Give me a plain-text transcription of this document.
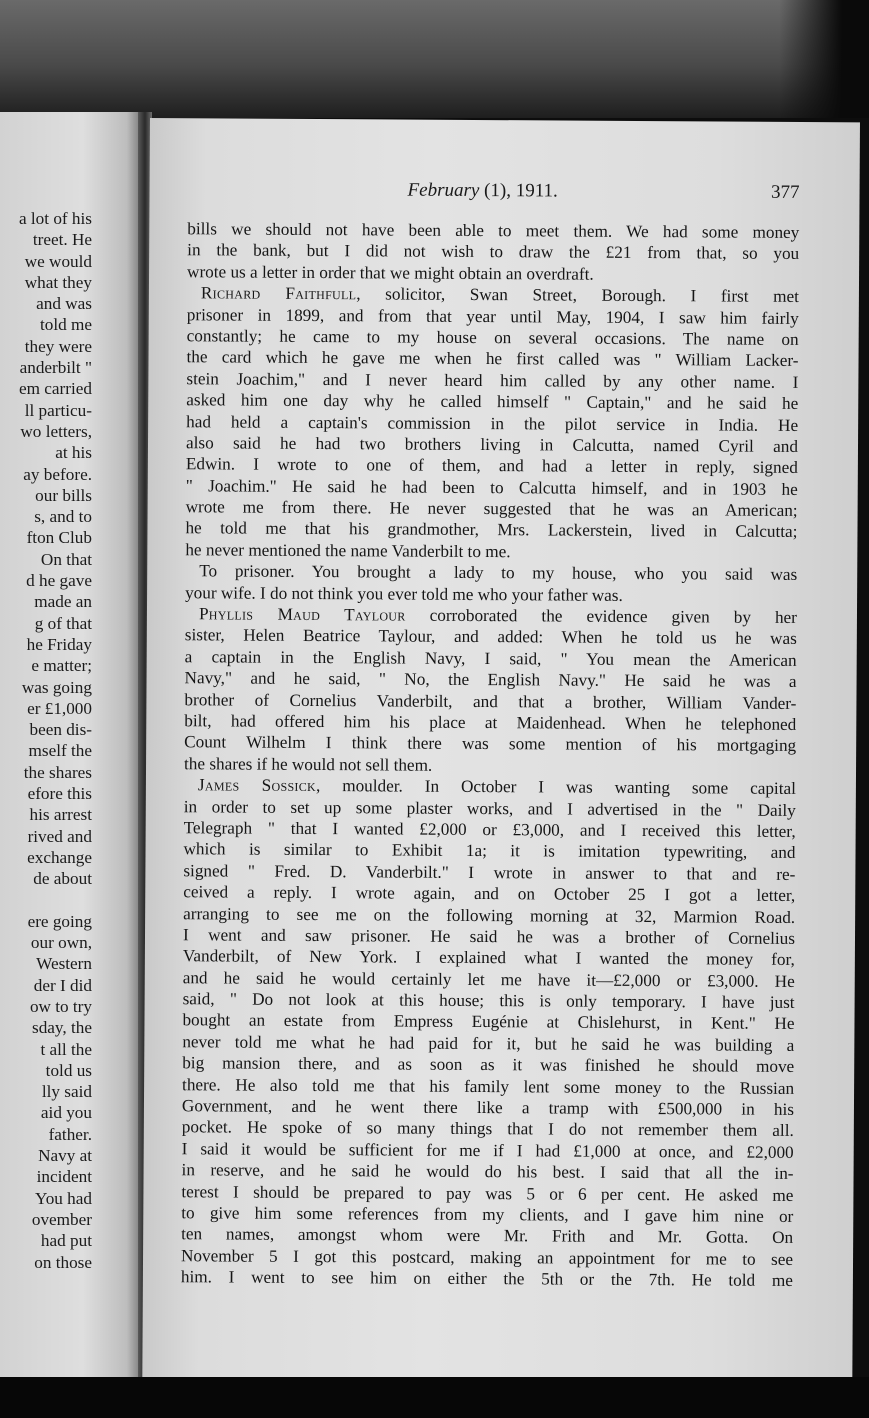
a lot of his
treet. He
we would
what they
and was
told me
they were
anderbilt "
em carried
ll particu-
wo letters,
at his
ay before.
our bills
s, and to
fton Club
On that
d he gave
made an
g of that
he Friday
e matter;
was going
er £1,000
been dis-
mself the
the shares
efore this
his arrest
rived and
exchange
de about
ere going
our own,
Western
der I did
ow to try
sday, the
t all the
told us
lly said
aid you
father.
Navy at
incident
You had
ovember
had put
on those
February (1), 1911.	377
bills we should not have been able to meet them. We had some money
in the bank, but I did not wish to draw the £21 from that, so you
wrote us a letter in order that we might obtain an overdraft.
Richard Faithfull, solicitor, Swan Street, Borough. I first met
prisoner in 1899, and from that year until May, 1904, I saw him fairly
constantly; he came to my house on several occasions. The name on
the card which he gave me when he first called was " William Lacker-
stein Joachim," and I never heard him called by any other name. I
asked him one day why he called himself " Captain," and he said he
had held a captain's commission in the pilot service in India. He
also said he had two brothers living in Calcutta, named Cyril and
Edwin. I wrote to one of them, and had a letter in reply, signed
" Joachim." He said he had been to Calcutta himself, and in 1903 he
wrote me from there. He never suggested that he was an American;
he told me that his grandmother, Mrs. Lackerstein, lived in Calcutta;
he never mentioned the name Vanderbilt to me.
To prisoner. You brought a lady to my house, who you said was
your wife. I do not think you ever told me who your father was.
Phyllis Maud Taylour corroborated the evidence given by her
sister, Helen Beatrice Taylour, and added: When he told us he was
a captain in the English Navy, I said, " You mean the American
Navy," and he said, " No, the English Navy." He said he was a
brother of Cornelius Vanderbilt, and that a brother, William Vander-
bilt, had offered him his place at Maidenhead. When he telephoned
Count Wilhelm I think there was some mention of his mortgaging
the shares if he would not sell them.
James Sossick, moulder. In October I was wanting some capital
in order to set up some plaster works, and I advertised in the " Daily
Telegraph " that I wanted £2,000 or £3,000, and I received this letter,
which is similar to Exhibit 1a; it is imitation typewriting, and
signed " Fred. D. Vanderbilt." I wrote in answer to that and re-
ceived a reply. I wrote again, and on October 25 I got a letter,
arranging to see me on the following morning at 32, Marmion Road.
I went and saw prisoner. He said he was a brother of Cornelius
Vanderbilt, of New York. I explained what I wanted the money for,
and he said he would certainly let me have it—£2,000 or £3,000. He
said, " Do not look at this house; this is only temporary. I have just
bought an estate from Empress Eugénie at Chislehurst, in Kent." He
never told me what he had paid for it, but he said he was building a
big mansion there, and as soon as it was finished he should move
there. He also told me that his family lent some money to the Russian
Government, and he went there like a tramp with £500,000 in his
pocket. He spoke of so many things that I do not remember them all.
I said it would be sufficient for me if I had £1,000 at once, and £2,000
in reserve, and he said he would do his best. I said that all the in-
terest I should be prepared to pay was 5 or 6 per cent. He asked me
to give him some references from my clients, and I gave him nine or
ten names, amongst whom were Mr. Frith and Mr. Gotta. On
November 5 I got this postcard, making an appointment for me to see
him. I went to see him on either the 5th or the 7th. He told me
